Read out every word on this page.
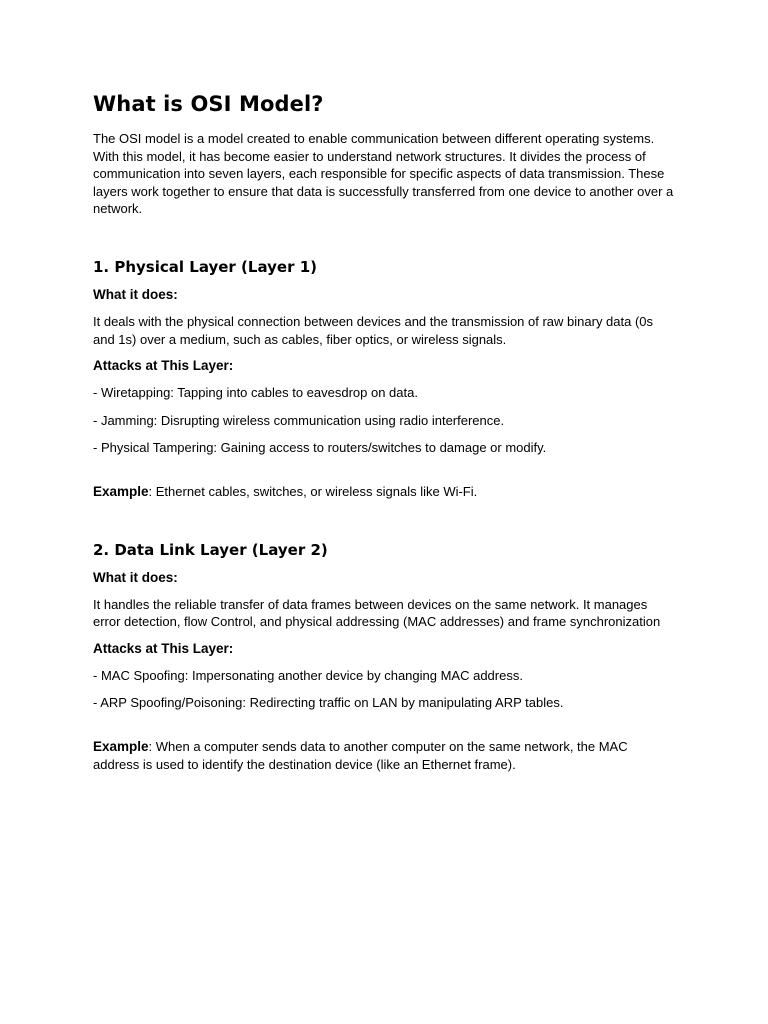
What is OSI Model?

The OSI model is a model created to enable communication between different operating systems. With this model, it has become easier to understand network structures. It divides the process of communication into seven layers, each responsible for specific aspects of data transmission. These layers work together to ensure that data is successfully transferred from one device to another over a network.

1. Physical Layer (Layer 1)
What it does:

It deals with the physical connection between devices and the transmission of raw binary data (0s and 1s) over a medium, such as cables, fiber optics, or wireless signals.

Attacks at This Layer:
- Wiretapping: Tapping into cables to eavesdrop on data.
- Jamming: Disrupting wireless communication using radio interference.
- Physical Tampering: Gaining access to routers/switches to damage or modify.

Example: Ethernet cables, switches, or wireless signals like Wi-Fi.

2. Data Link Layer (Layer 2)
What it does:

It handles the reliable transfer of data frames between devices on the same network. It manages error detection, flow Control, and physical addressing (MAC addresses) and frame synchronization

Attacks at This Layer:
- MAC Spoofing: Impersonating another device by changing MAC address.
- ARP Spoofing/Poisoning: Redirecting traffic on LAN by manipulating ARP tables.

Example: When a computer sends data to another computer on the same network, the MAC address is used to identify the destination device (like an Ethernet frame).
